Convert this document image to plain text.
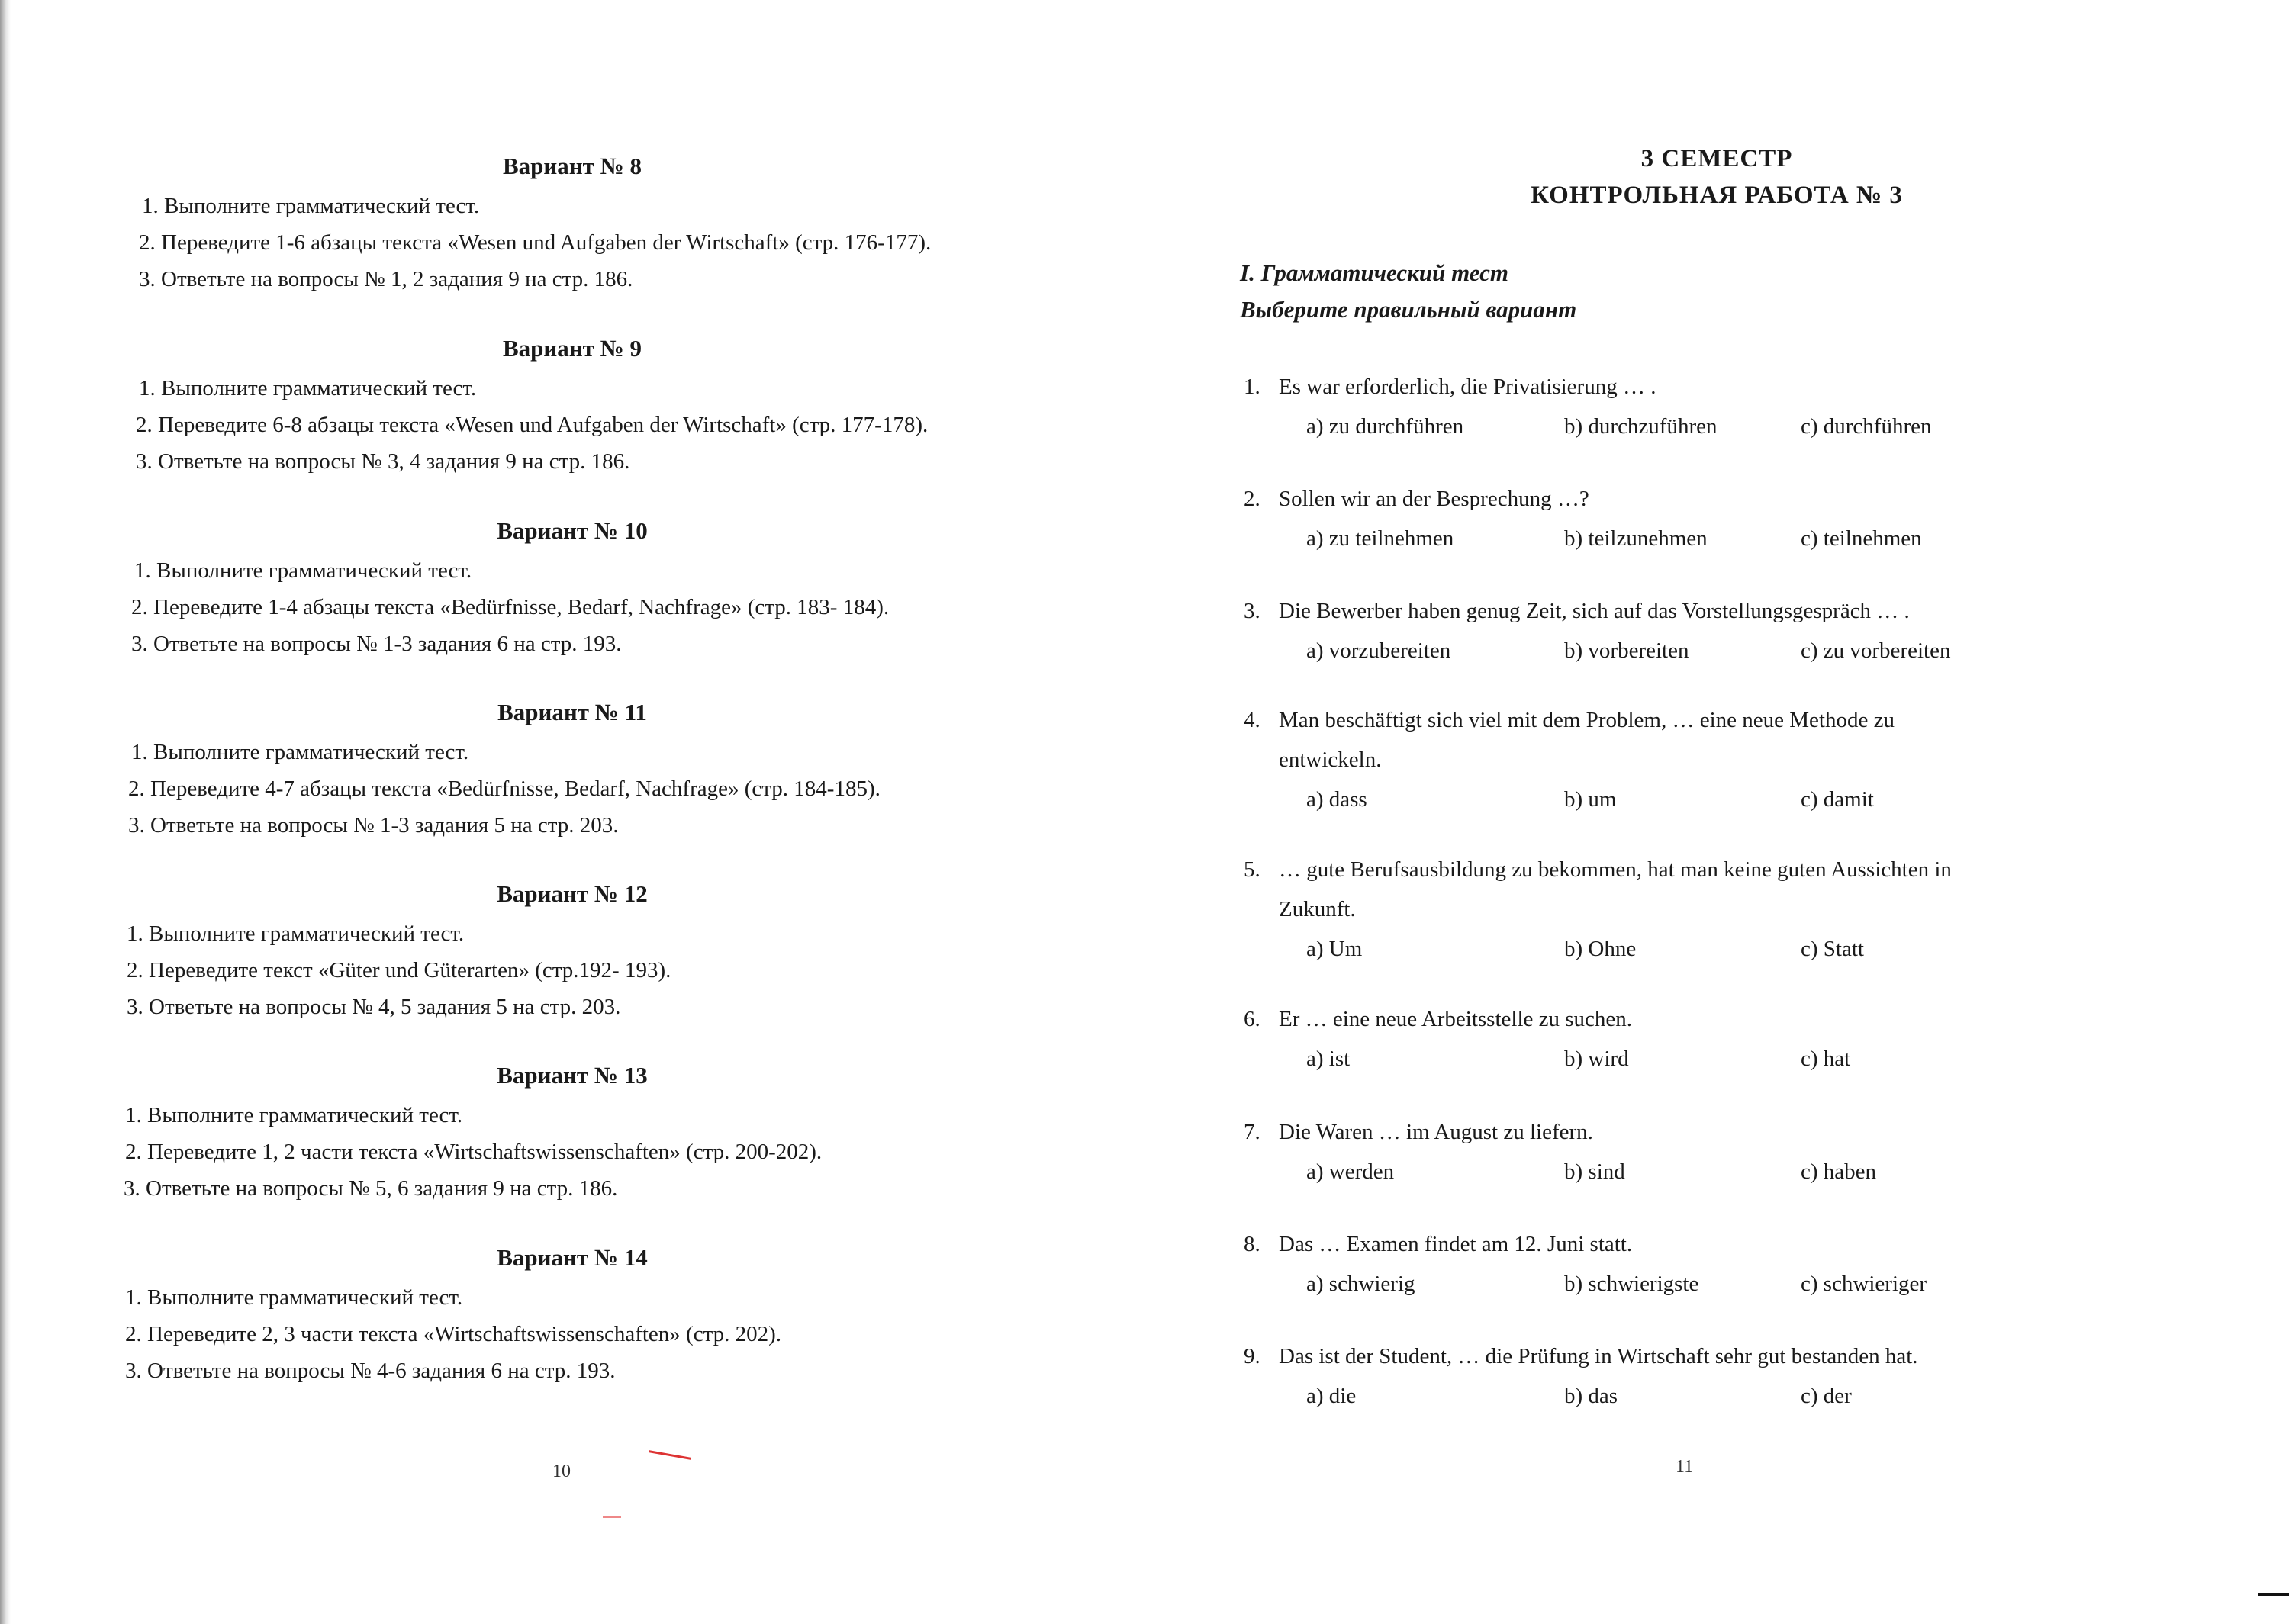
Вариант № 8
1. Выполните грамматический тест.
2. Переведите 1-6 абзацы текста «Wesen und Aufgaben der Wirtschaft» (стр. 176-177).
3. Ответьте на вопросы № 1, 2 задания 9 на стр. 186.
Вариант № 9
1. Выполните грамматический тест.
2. Переведите 6-8 абзацы текста «Wesen und Aufgaben der Wirtschaft» (стр. 177-178).
3. Ответьте на вопросы № 3, 4 задания 9 на стр. 186.
Вариант № 10
1. Выполните грамматический тест.
2. Переведите 1-4 абзацы текста «Bedürfnisse, Bedarf, Nachfrage» (стр. 183- 184).
3. Ответьте на вопросы № 1-3 задания 6 на стр. 193.
Вариант № 11
1. Выполните грамматический тест.
2. Переведите 4-7 абзацы текста «Bedürfnisse, Bedarf, Nachfrage» (стр. 184-185).
3. Ответьте на вопросы № 1-3 задания 5 на стр. 203.
Вариант № 12
1. Выполните грамматический тест.
2. Переведите текст «Güter und Güterarten» (стр.192- 193).
3. Ответьте на вопросы № 4, 5 задания 5 на стр. 203.
Вариант № 13
1. Выполните грамматический тест.
2. Переведите 1, 2 части текста «Wirtschaftswissenschaften» (стр. 200-202).
3. Ответьте на вопросы № 5, 6 задания 9 на стр. 186.
Вариант № 14
1. Выполните грамматический тест.
2. Переведите 2, 3 части текста «Wirtschaftswissenschaften» (стр. 202).
3. Ответьте на вопросы № 4-6 задания 6 на стр. 193.
10
3 СЕМЕСТР
КОНТРОЛЬНАЯ РАБОТА № 3
I. Грамматический тест
Выберите правильный вариант
1. Es war erforderlich, die Privatisierung … .
a) zu durchführen	b) durchzuführen	c) durchführen
2. Sollen wir an der Besprechung …?
a) zu teilnehmen	b) teilzunehmen	c) teilnehmen
3. Die Bewerber haben genug Zeit, sich auf das Vorstellungsgespräch … .
a) vorzubereiten	b) vorbereiten	c) zu vorbereiten
4. Man beschäftigt sich viel mit dem Problem, … eine neue Methode zu
entwickeln.
a) dass	b) um	c) damit
5. … gute Berufsausbildung zu bekommen, hat man keine guten Aussichten in
Zukunft.
a) Um	b) Ohne	c) Statt
6. Er … eine neue Arbeitsstelle zu suchen.
a) ist	b) wird	c) hat
7. Die Waren … im August zu liefern.
a) werden	b) sind	c) haben
8. Das … Examen findet am 12. Juni statt.
a) schwierig	b) schwierigste	c) schwieriger
9. Das ist der Student, … die Prüfung in Wirtschaft sehr gut bestanden hat.
a) die	b) das	c) der
11
